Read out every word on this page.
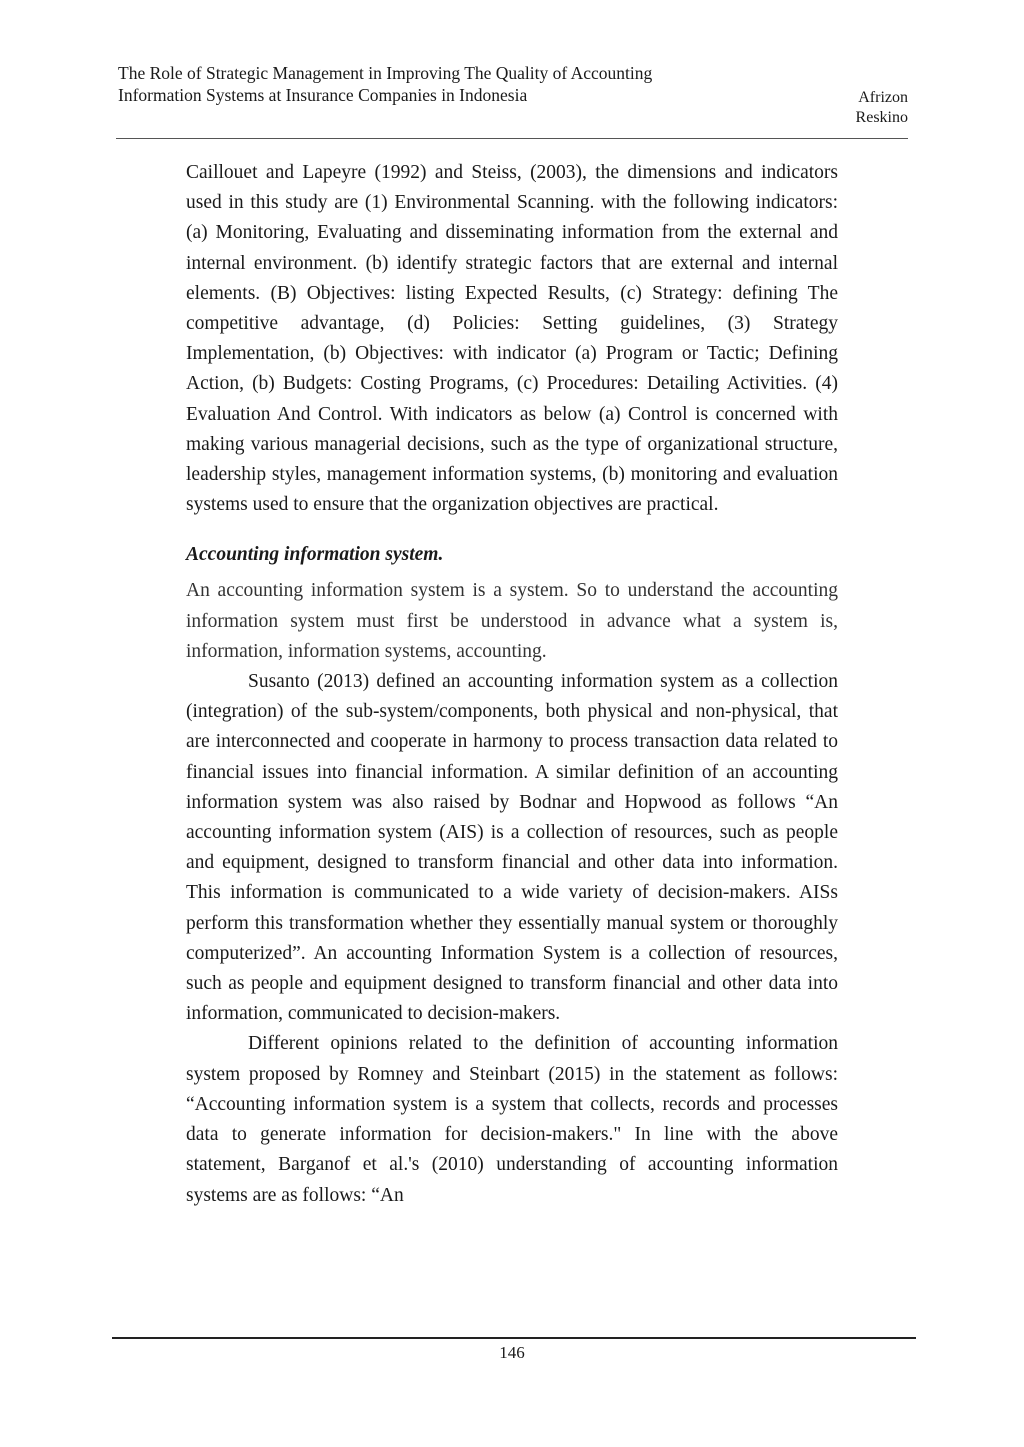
The Role of Strategic Management in Improving The Quality of Accounting Information Systems at Insurance Companies in Indonesia	Afrizon
Reskino

Caillouet and Lapeyre (1992) and Steiss, (2003), the dimensions and indicators used in this study are (1) Environmental Scanning. with the following indicators: (a) Monitoring, Evaluating and disseminating information from the external and internal environment. (b) identify strategic factors that are external and internal elements. (B) Objectives: listing Expected Results, (c) Strategy: defining The competitive advantage, (d) Policies: Setting guidelines, (3) Strategy Implementation, (b) Objectives: with indicator (a) Program or Tactic; Defining Action, (b) Budgets: Costing Programs, (c) Procedures: Detailing Activities. (4) Evaluation And Control. With indicators as below (a) Control is concerned with making various managerial decisions, such as the type of organizational structure, leadership styles, management information systems, (b) monitoring and evaluation systems used to ensure that the organization objectives are practical.

Accounting information system.

An accounting information system is a system. So to understand the accounting information system must first be understood in advance what a system is, information, information systems, accounting.

Susanto (2013) defined an accounting information system as a collection (integration) of the sub-system/components, both physical and non-physical, that are interconnected and cooperate in harmony to process transaction data related to financial issues into financial information. A similar definition of an accounting information system was also raised by Bodnar and Hopwood as follows “An accounting information system (AIS) is a collection of resources, such as people and equipment, designed to transform financial and other data into information. This information is communicated to a wide variety of decision-makers. AISs perform this transformation whether they essentially manual system or thoroughly computerized”. An accounting Information System is a collection of resources, such as people and equipment designed to transform financial and other data into information, communicated to decision-makers.

Different opinions related to the definition of accounting information system proposed by Romney and Steinbart (2015) in the statement as follows: “Accounting information system is a system that collects, records and processes data to generate information for decision-makers." In line with the above statement, Barganof et al.'s (2010) understanding of accounting information systems are as follows: “An

146
